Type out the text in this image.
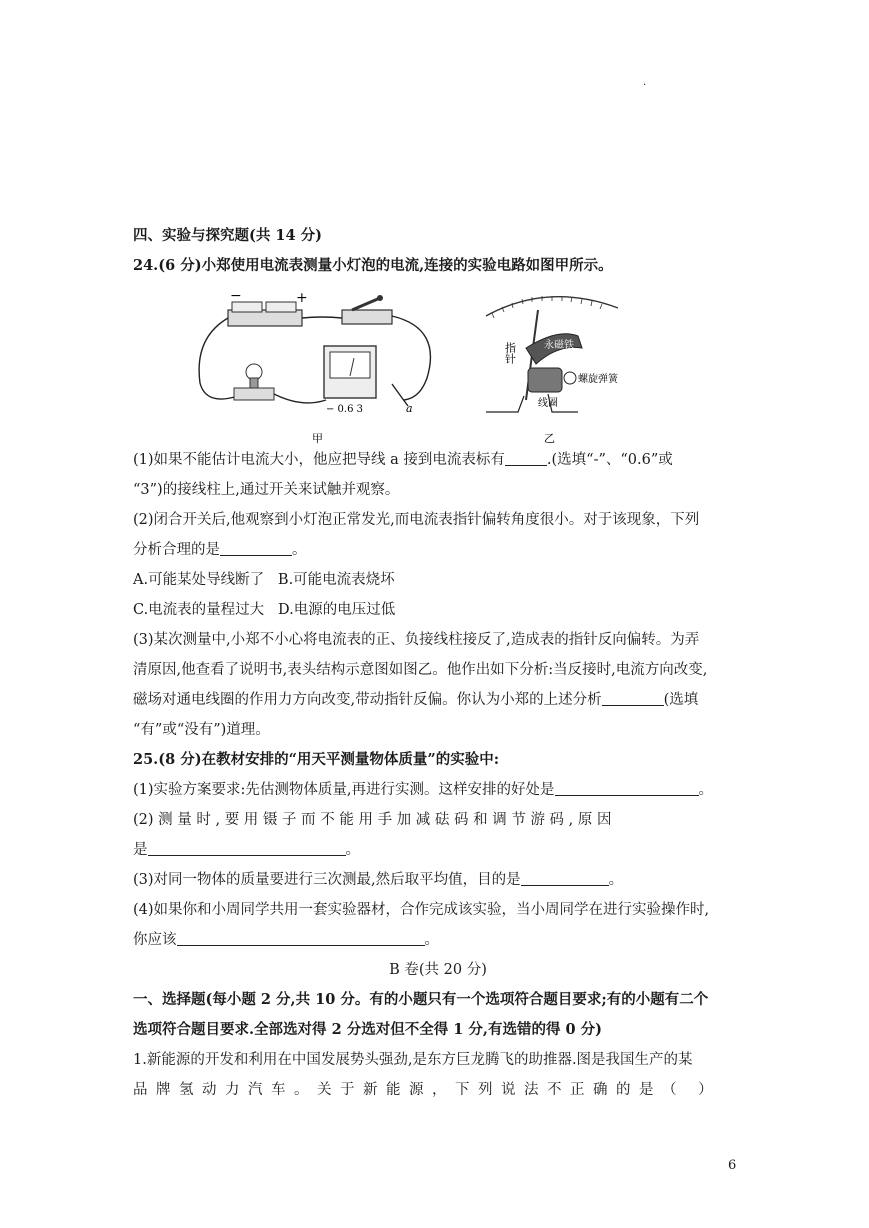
·
四、实验与探究题(共 14 分)
24.(6 分)小郑使用电流表测量小灯泡的电流,连接的实验电路如图甲所示。
−	+
− 0.6 3	a
甲
指针	永磁铁
螺旋弹簧
线圈
乙
(1)如果不能估计电流大小，他应把导线 a 接到电流表标有	.(选填“-”、“0.6”或
“3”)的接线柱上,通过开关来试触并观察。
(2)闭合开关后,他观察到小灯泡正常发光,而电流表指针偏转角度很小。对于该现象，下列
分析合理的是	。
A.可能某处导线断了 B.可能电流表烧坏
C.电流表的量程过大 D.电源的电压过低
(3)某次测量中,小郑不小心将电流表的正、负接线柱接反了,造成表的指针反向偏转。为弄
清原因,他查看了说明书,表头结构示意图如图乙。他作出如下分析:当反接时,电流方向改变,
磁场对通电线圈的作用力方向改变,带动指针反偏。你认为小郑的上述分析	(选填
“有”或“没有”)道理。
25.(8 分)在教材安排的“用天平测量物体质量”的实验中:
(1)实验方案要求:先估测物体质量,再进行实测。这样安排的好处是	。
(2) 测 量 时 , 要 用 镊 子 而 不 能 用 手 加 减 砝 码 和 调 节 游 码 , 原 因
是	。
(3)对同一物体的质量要进行三次测最,然后取平均值，目的是	。
(4)如果你和小周同学共用一套实验器材，合作完成该实验，当小周同学在进行实验操作时,
你应该	。
B 卷(共 20 分)
一、选择题(每小题 2 分,共 10 分。有的小题只有一个选项符合题目要求;有的小题有二个
选项符合题目要求.全部选对得 2 分选对但不全得 1 分,有选错的得 0 分)
1.新能源的开发和利用在中国发展势头强劲,是东方巨龙腾飞的助推器.图是我国生产的某
品牌氢动力汽车。关于新能源，下列说法不正确的是（ ）
6
